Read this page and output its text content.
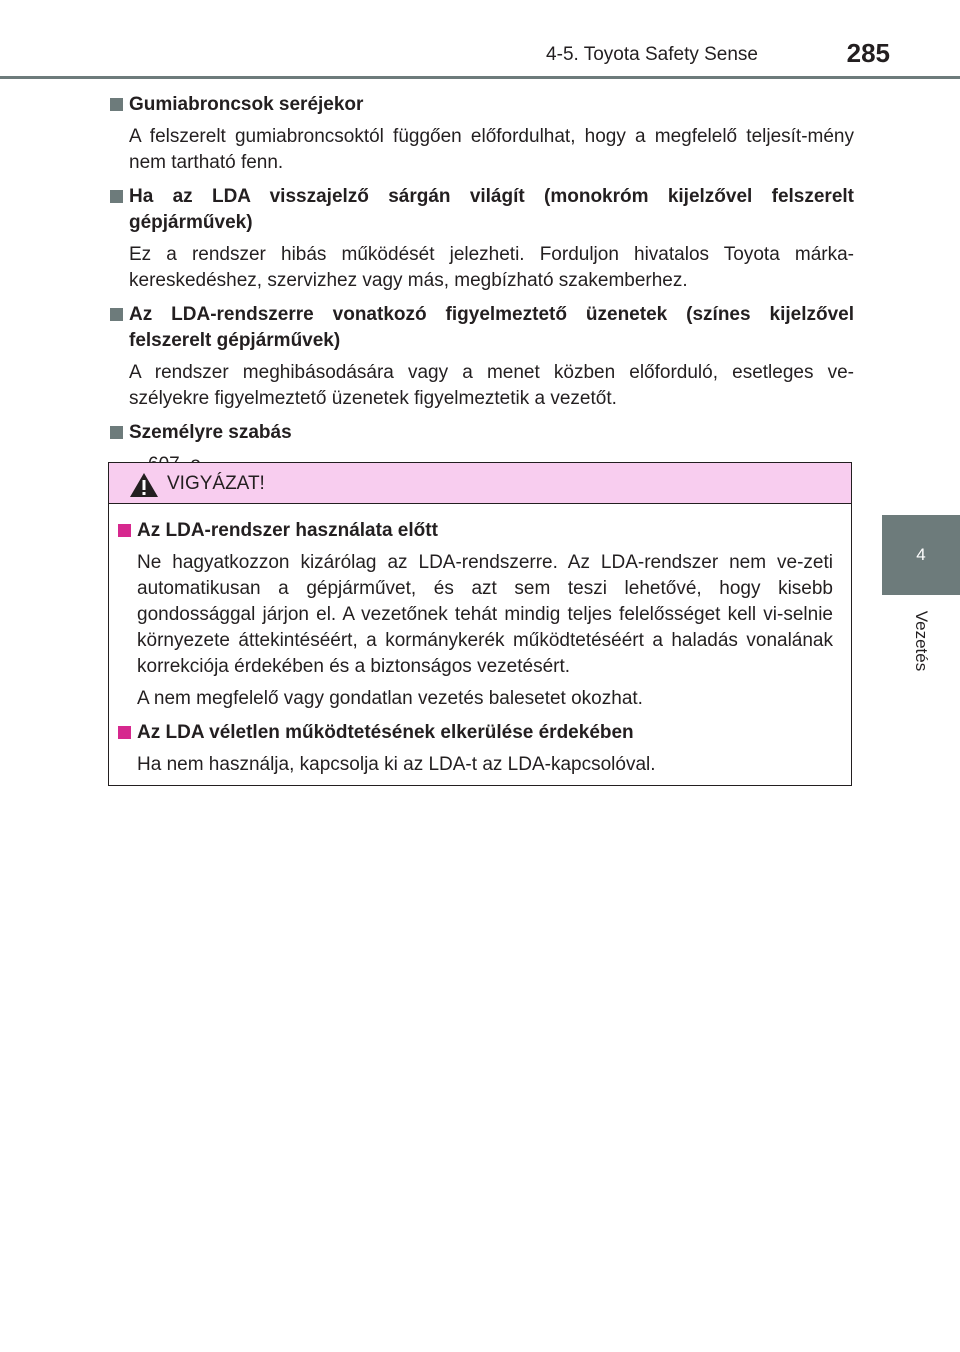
4-5. Toyota Safety Sense	285
4
Vezetés
Gumiabroncsok seréjekor
A felszerelt gumiabroncsoktól függően előfordulhat, hogy a megfelelő teljesít-mény nem tartható fenn.
Ha az LDA visszajelző sárgán világít (monokróm kijelzővel felszerelt gépjárművek)
Ez a rendszer hibás működését jelezheti. Forduljon hivatalos Toyota márka-kereskedéshez, szervizhez vagy más, megbízható szakemberhez.
Az LDA-rendszerre vonatkozó figyelmeztető üzenetek (színes kijelzővel felszerelt gépjárművek)
A rendszer meghibásodására vagy a menet közben előforduló, esetleges ve-szélyekre figyelmeztető üzenetek figyelmeztetik a vezetőt.
Személyre szabás
VIGYÁZAT!
Az LDA-rendszer használata előtt
Ne hagyatkozzon kizárólag az LDA-rendszerre. Az LDA-rendszer nem ve-zeti automatikusan a gépjárművet, és azt sem teszi lehetővé, hogy kisebb gondossággal járjon el. A vezetőnek tehát mindig teljes felelősséget kell vi-selnie környezete áttekintéséért, a kormánykerék működtetéséért a haladás vonalának korrekciója érdekében és a biztonságos vezetésért.
A nem megfelelő vagy gondatlan vezetés balesetet okozhat.
Az LDA véletlen működtetésének elkerülése érdekében
Ha nem használja, kapcsolja ki az LDA-t az LDA-kapcsolóval.
